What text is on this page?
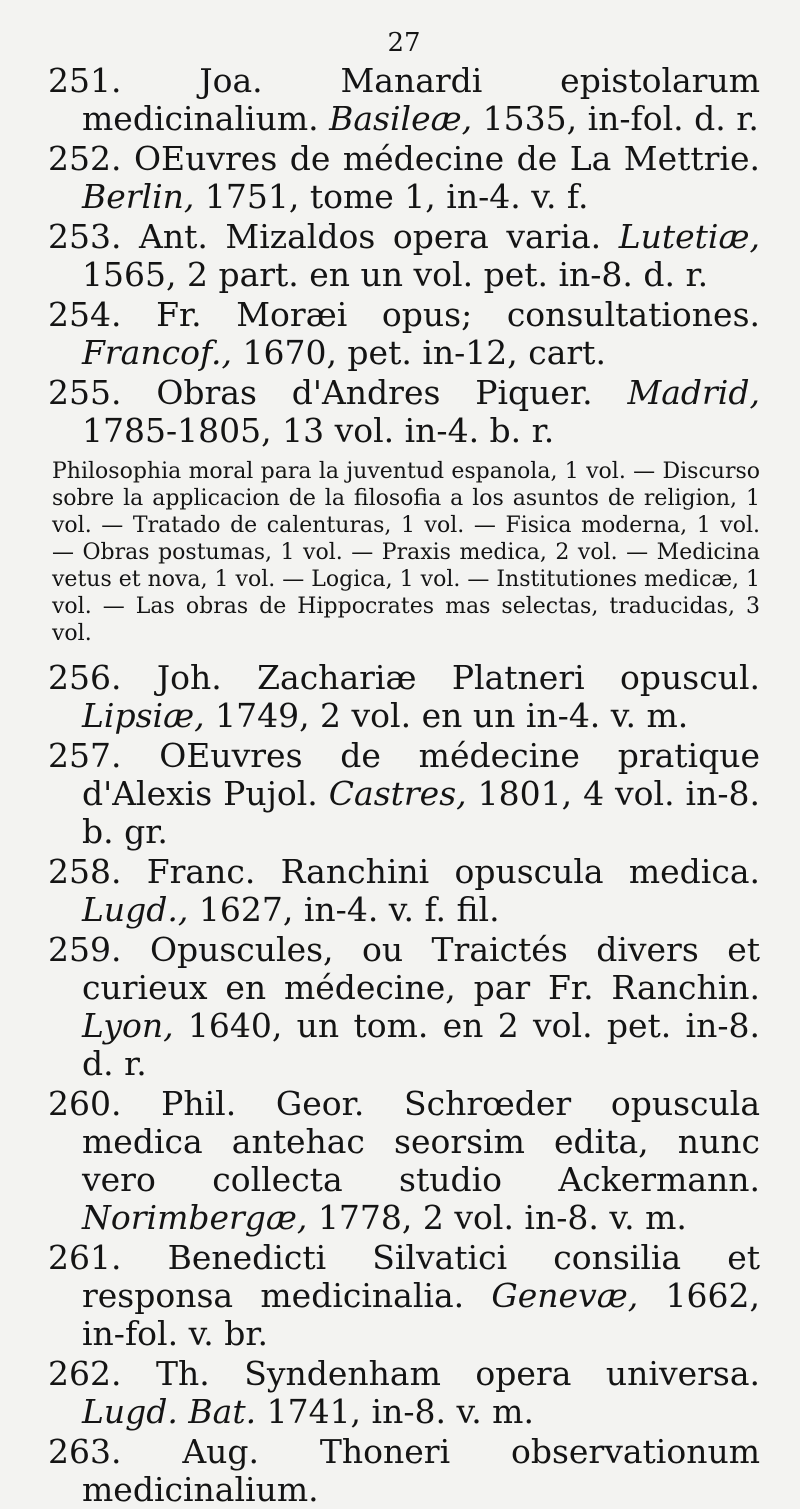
27

251. Joa. Manardi epistolarum medicinalium. Basileæ, 1535, in-fol. d. r.

252. OEuvres de médecine de La Mettrie. Berlin, 1751, tome 1, in-4. v. f.

253. Ant. Mizaldos opera varia. Lutetiæ, 1565, 2 part. en un vol. pet. in-8. d. r.

254. Fr. Moræi opus; consultationes. Francof., 1670, pet. in-12, cart.

255. Obras d'Andres Piquer. Madrid, 1785-1805, 13 vol. in-4. b. r.

Philosophia moral para la juventud espanola, 1 vol. — Discurso sobre la applicacion de la filosofia a los asuntos de religion, 1 vol. — Tratado de calenturas, 1 vol. — Fisica moderna, 1 vol. — Obras postumas, 1 vol. — Praxis medica, 2 vol. — Medicina vetus et nova, 1 vol. — Logica, 1 vol. — Institutiones medicæ, 1 vol. — Las obras de Hippocrates mas selectas, traducidas, 3 vol.

256. Joh. Zachariæ Platneri opuscul. Lipsiæ, 1749, 2 vol. en un in-4. v. m.

257. OEuvres de médecine pratique d'Alexis Pujol. Castres, 1801, 4 vol. in-8. b. gr.

258. Franc. Ranchini opuscula medica. Lugd., 1627, in-4. v. f. fil.

259. Opuscules, ou Traictés divers et curieux en médecine, par Fr. Ranchin. Lyon, 1640, un tom. en 2 vol. pet. in-8. d. r.

260. Phil. Geor. Schrœder opuscula medica antehac seorsim edita, nunc vero collecta studio Ackermann. Norimbergæ, 1778, 2 vol. in-8. v. m.

261. Benedicti Silvatici consilia et responsa medicinalia. Genevæ, 1662, in-fol. v. br.

262. Th. Syndenham opera universa. Lugd. Bat. 1741, in-8. v. m.

263. Aug. Thoneri observationum medicinalium.
